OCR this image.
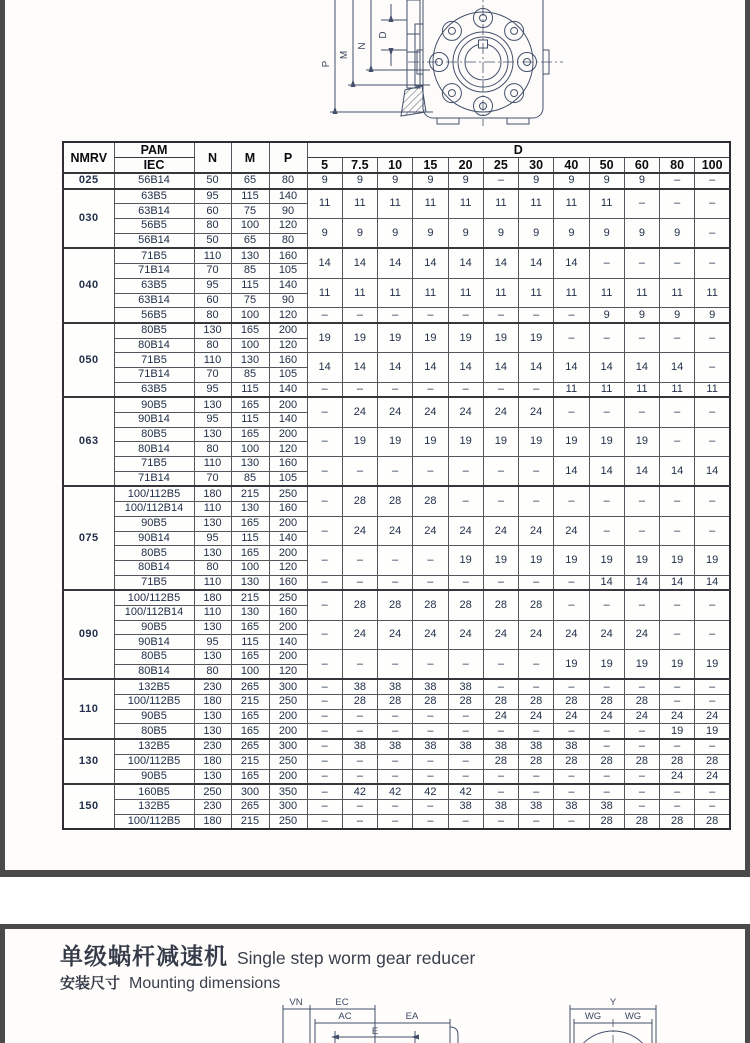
P
M
N
D
NMRV	PAM	N	M	P	D											
	IEC				5	7.5	10	15	20	25	30	40	50	60	80	100
025	56B14	50	65	80	9	9	9	9	9	–	9	9	9	9	–	–
030	63B5	95	115	140	11	11	11	11	11	11	11	11	11	–	–	–
	63B14	60	75	90												
	56B5	80	100	120	9	9	9	9	9	9	9	9	9	9	9	–
	56B14	50	65	80												
040	71B5	110	130	160	14	14	14	14	14	14	14	14	–	–	–	–
	71B14	70	85	105												
	63B5	95	115	140	11	11	11	11	11	11	11	11	11	11	11	11
	63B14	60	75	90												
	56B5	80	100	120	–	–	–	–	–	–	–	–	9	9	9	9
050	80B5	130	165	200	19	19	19	19	19	19	19	–	–	–	–	–
	80B14	80	100	120												
	71B5	110	130	160	14	14	14	14	14	14	14	14	14	14	14	–
	71B14	70	85	105												
	63B5	95	115	140	–	–	–	–	–	–	–	11	11	11	11	11
063	90B5	130	165	200	–	24	24	24	24	24	24	–	–	–	–	–
	90B14	95	115	140												
	80B5	130	165	200	–	19	19	19	19	19	19	19	19	19	–	–
	80B14	80	100	120												
	71B5	110	130	160	–	–	–	–	–	–	–	14	14	14	14	14
	71B14	70	85	105												
075	100/112B5	180	215	250	–	28	28	28	–	–	–	–	–	–	–	–
	100/112B14	110	130	160												
	90B5	130	165	200	–	24	24	24	24	24	24	24	–	–	–	–
	90B14	95	115	140												
	80B5	130	165	200	–	–	–	–	19	19	19	19	19	19	19	19
	80B14	80	100	120												
	71B5	110	130	160	–	–	–	–	–	–	–	–	14	14	14	14
090	100/112B5	180	215	250	–	28	28	28	28	28	28	–	–	–	–	–
	100/112B14	110	130	160												
	90B5	130	165	200	–	24	24	24	24	24	24	24	24	24	–	–
	90B14	95	115	140												
	80B5	130	165	200	–	–	–	–	–	–	–	19	19	19	19	19
	80B14	80	100	120												
110	132B5	230	265	300	–	38	38	38	38	–	–	–	–	–	–	–
	100/112B5	180	215	250	–	28	28	28	28	28	28	28	28	28	–	–
	90B5	130	165	200	–	–	–	–	–	24	24	24	24	24	24	24
	80B5	130	165	200	–	–	–	–	–	–	–	–	–	–	19	19
130	132B5	230	265	300	–	38	38	38	38	38	38	38	–	–	–	–
	100/112B5	180	215	250	–	–	–	–	–	28	28	28	28	28	28	28
	90B5	130	165	200	–	–	–	–	–	–	–	–	–	–	24	24
150	160B5	250	300	350	–	42	42	42	42	–	–	–	–	–	–	–
	132B5	230	265	300	–	–	–	–	38	38	38	38	38	–	–	–
	100/112B5	180	215	250	–	–	–	–	–	–	–	–	28	28	28	28
单级蜗杆减速机 Single step worm gear reducer
安装尺寸 Mounting dimensions
VN	EC
AC	EA
E
Y
WG WG
